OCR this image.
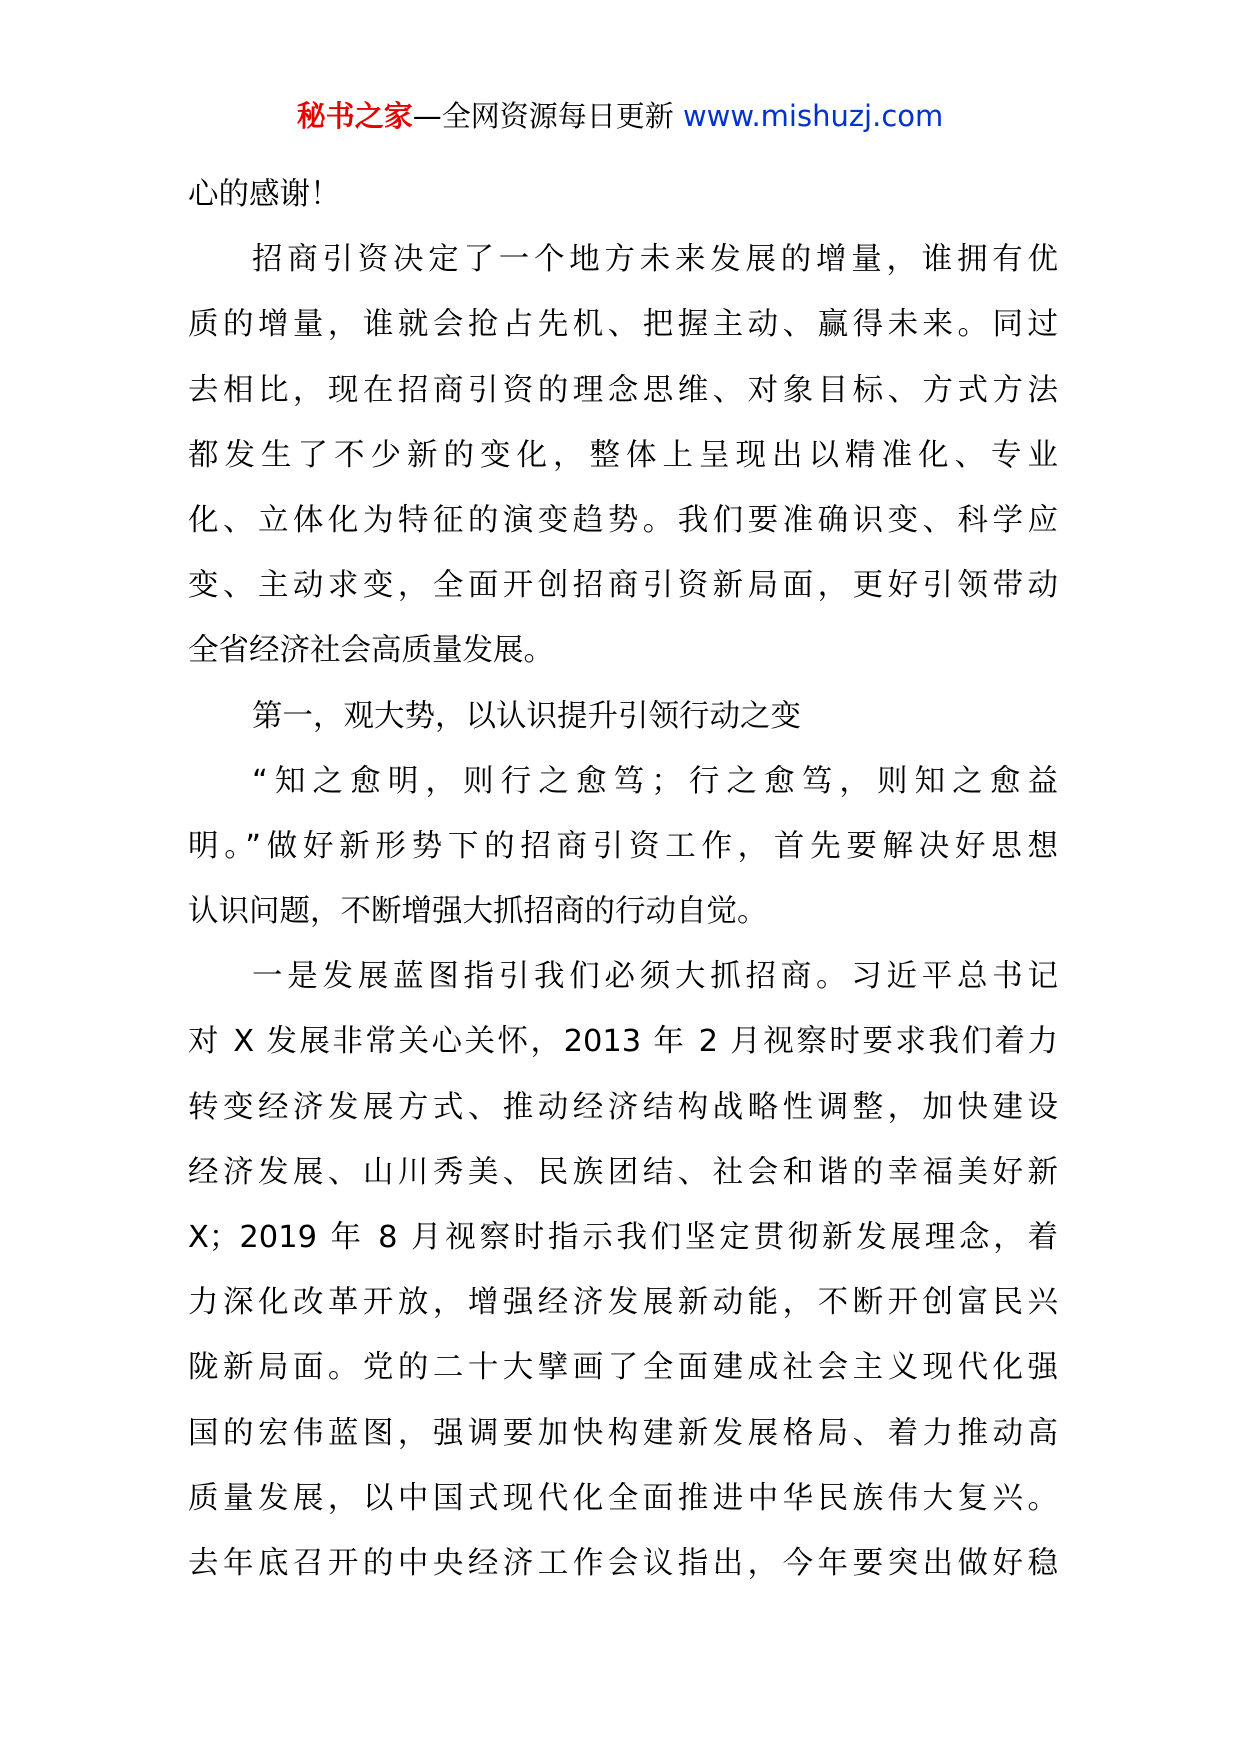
秘书之家—全网资源每日更新 www.mishuzj.com
心的感谢！
招商引资决定了一个地方未来发展的增量，谁拥有优
质的增量，谁就会抢占先机、把握主动、赢得未来。同过
去相比，现在招商引资的理念思维、对象目标、方式方法
都发生了不少新的变化，整体上呈现出以精准化、专业
化、立体化为特征的演变趋势。我们要准确识变、科学应
变、主动求变，全面开创招商引资新局面，更好引领带动
全省经济社会高质量发展。
第一，观大势，以认识提升引领行动之变
“知之愈明，则行之愈笃；行之愈笃，则知之愈益
明。”做好新形势下的招商引资工作，首先要解决好思想
认识问题，不断增强大抓招商的行动自觉。
一是发展蓝图指引我们必须大抓招商。习近平总书记
对 X 发展非常关心关怀，2013 年 2 月视察时要求我们着力
转变经济发展方式、推动经济结构战略性调整，加快建设
经济发展、山川秀美、民族团结、社会和谐的幸福美好新
X；2019 年 8 月视察时指示我们坚定贯彻新发展理念，着
力深化改革开放，增强经济发展新动能，不断开创富民兴
陇新局面。党的二十大擘画了全面建成社会主义现代化强
国的宏伟蓝图，强调要加快构建新发展格局、着力推动高
质量发展，以中国式现代化全面推进中华民族伟大复兴。
去年底召开的中央经济工作会议指出，今年要突出做好稳
